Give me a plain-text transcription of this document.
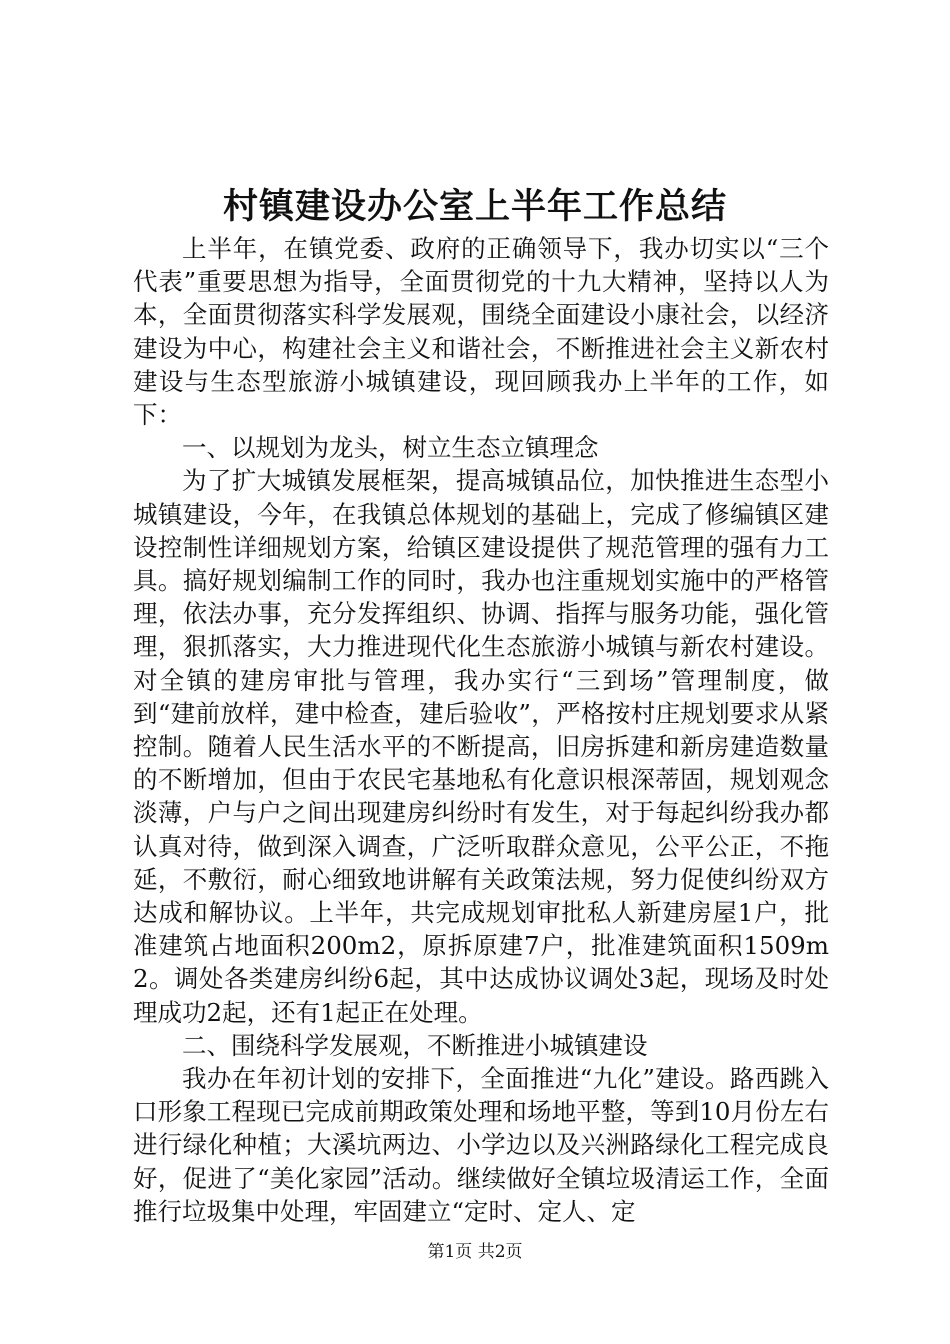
村镇建设办公室上半年工作总结

上半年，在镇党委、政府的正确领导下，我办切实以“三个代表”重要思想为指导，全面贯彻党的十九大精神，坚持以人为本，全面贯彻落实科学发展观，围绕全面建设小康社会，以经济建设为中心，构建社会主义和谐社会，不断推进社会主义新农村建设与生态型旅游小城镇建设，现回顾我办上半年的工作，如下：

一、以规划为龙头，树立生态立镇理念

为了扩大城镇发展框架，提高城镇品位，加快推进生态型小城镇建设，今年，在我镇总体规划的基础上，完成了修编镇区建设控制性详细规划方案，给镇区建设提供了规范管理的强有力工具。搞好规划编制工作的同时，我办也注重规划实施中的严格管理，依法办事，充分发挥组织、协调、指挥与服务功能，强化管理，狠抓落实，大力推进现代化生态旅游小城镇与新农村建设。对全镇的建房审批与管理，我办实行“三到场”管理制度，做到“建前放样，建中检查，建后验收”，严格按村庄规划要求从紧控制。随着人民生活水平的不断提高，旧房拆建和新房建造数量的不断增加，但由于农民宅基地私有化意识根深蒂固，规划观念淡薄，户与户之间出现建房纠纷时有发生，对于每起纠纷我办都认真对待，做到深入调查，广泛听取群众意见，公平公正，不拖延，不敷衍，耐心细致地讲解有关政策法规，努力促使纠纷双方达成和解协议。上半年，共完成规划审批私人新建房屋1户，批准建筑占地面积200m2，原拆原建7户，批准建筑面积1509m2。调处各类建房纠纷6起，其中达成协议调处3起，现场及时处理成功2起，还有1起正在处理。

二、围绕科学发展观，不断推进小城镇建设

我办在年初计划的安排下，全面推进“九化”建设。路西跳入口形象工程现已完成前期政策处理和场地平整，等到10月份左右进行绿化种植；大溪坑两边、小学边以及兴洲路绿化工程完成良好，促进了“美化家园”活动。继续做好全镇垃圾清运工作，全面推行垃圾集中处理，牢固建立“定时、定人、定

第1页 共2页
